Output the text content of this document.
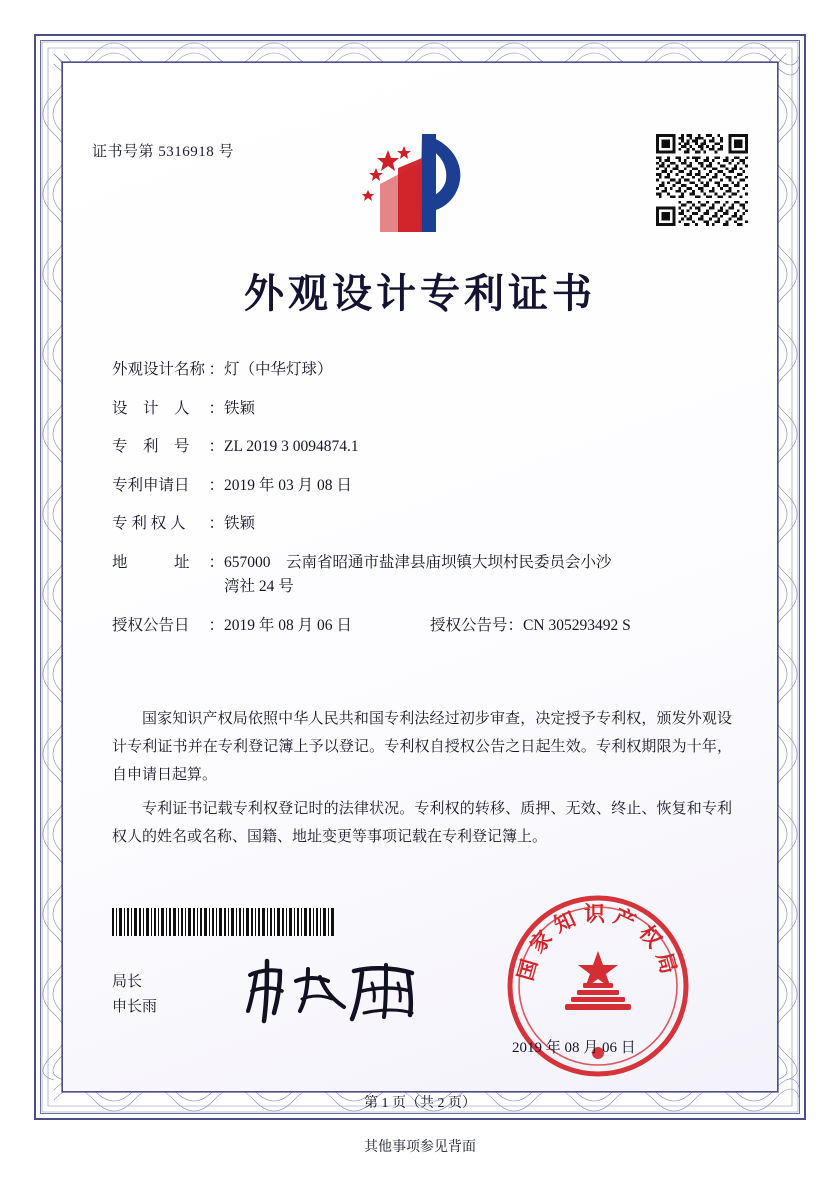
证书号第 5316918 号
外观设计专利证书
外观设计名称 ： 灯（中华灯球）
设　计　人 ： 铁颖
专　利　号 ： ZL 2019 3 0094874.1
专利申请日 ： 2019 年 03 月 08 日
专 利 权 人 ： 铁颖
地　　　址 ： 657000　云南省昭通市盐津县庙坝镇大坝村民委员会小沙
湾社 24 号
授权公告日 ： 2019 年 08 月 06 日	授权公告号 ： CN 305293492 S

国家知识产权局依照中华人民共和国专利法经过初步审查，决定授予专利权，颁发外观设计专利证书并在专利登记簿上予以登记。专利权自授权公告之日起生效。专利权期限为十年，自申请日起算。

专利证书记载专利权登记时的法律状况。专利权的转移、质押、无效、终止、恢复和专利权人的姓名或名称、国籍、地址变更等事项记载在专利登记簿上。

局长
申长雨
国家知识产权局
2019 年 08 月 06 日
第 1 页（共 2 页）
其他事项参见背面
